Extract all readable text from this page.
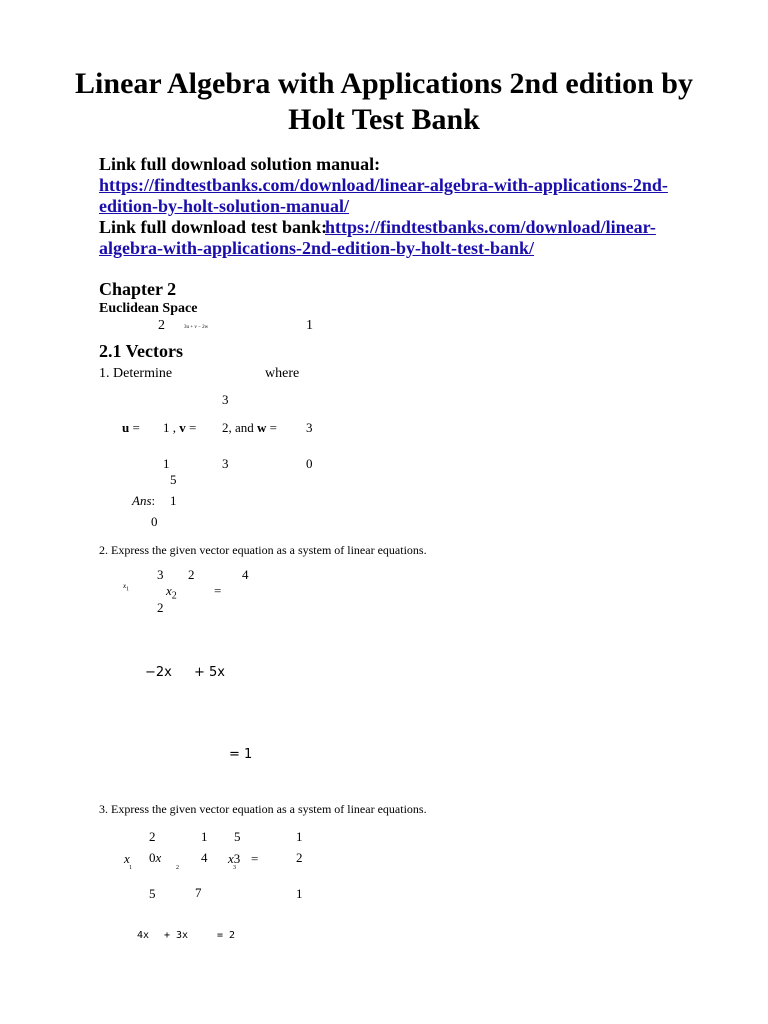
Linear Algebra with Applications 2nd edition by
Holt Test Bank
Link full download solution manual:
https://findtestbanks.com/download/linear-algebra-with-applications-2nd-
edition-by-holt-solution-manual/
Link full download test bank:
https://findtestbanks.com/download/linear-
algebra-with-applications-2nd-edition-by-holt-test-bank/
Chapter 2
Euclidean Space
2	3u + v − 2w	1
2.1 Vectors
1. Determine	where
3
u = 1 , v = 2, and w = 3
1	3	0
5
Ans: 1
0
2. Express the given vector equation as a system of linear equations.
3 2	4
$x_1$	$x_2$	=
2
−2x + 5x
= 1
3. Express the given vector equation as a system of linear equations.
2	1 5	1
x 0x	4 x3 =	2
1	2	3
5	7	1
4x + 3x	= 2
